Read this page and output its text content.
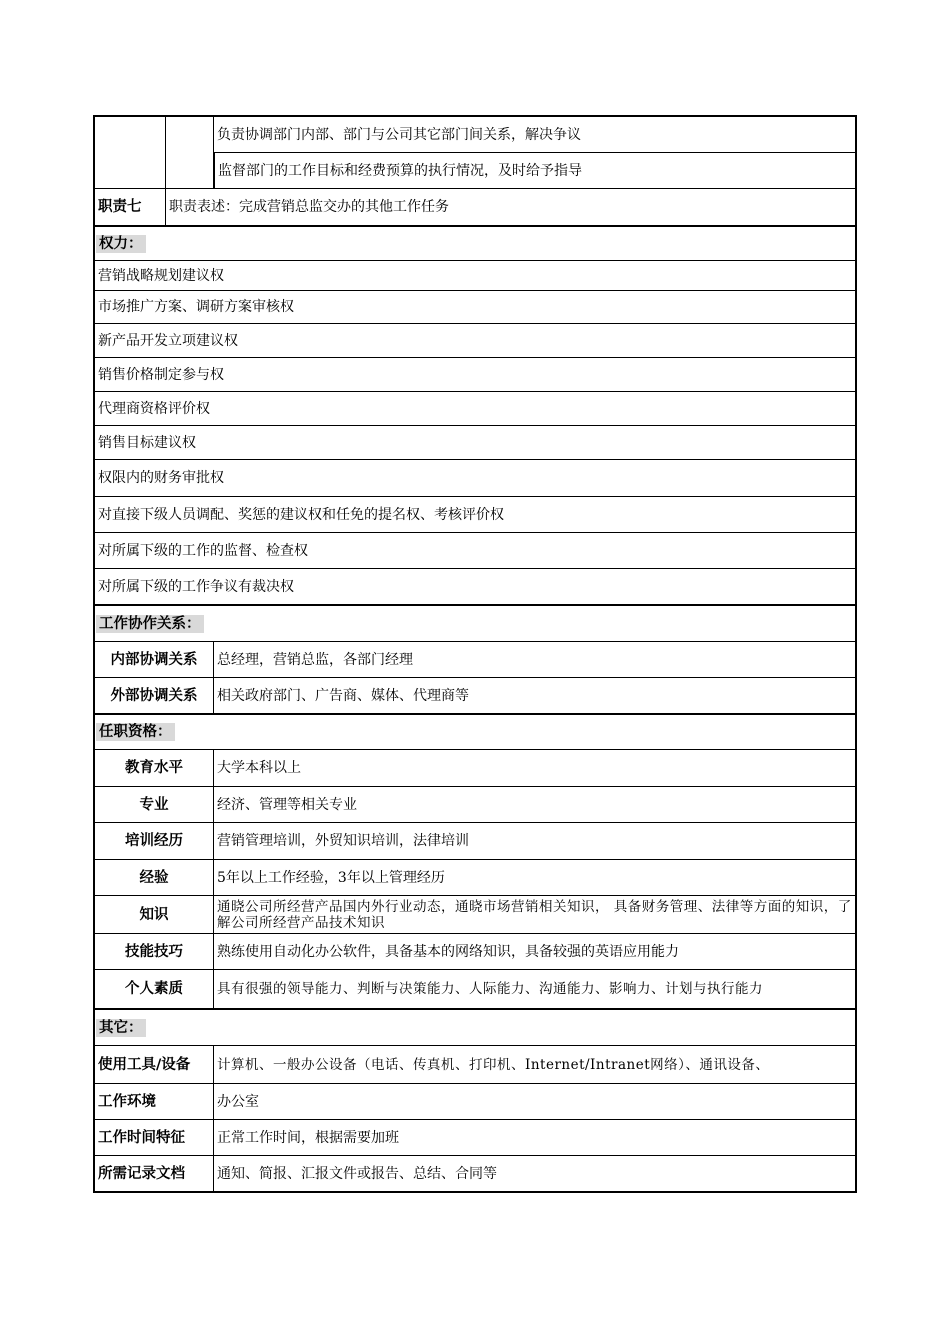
负责协调部门内部、部门与公司其它部门间关系，解决争议
监督部门的工作目标和经费预算的执行情况，及时给予指导
职责七	职责表述：完成营销总监交办的其他工作任务
权力：
营销战略规划建议权
市场推广方案、调研方案审核权
新产品开发立项建议权
销售价格制定参与权
代理商资格评价权
销售目标建议权
权限内的财务审批权
对直接下级人员调配、奖惩的建议权和任免的提名权、考核评价权
对所属下级的工作的监督、检查权
对所属下级的工作争议有裁决权
工作协作关系：
内部协调关系	总经理，营销总监，各部门经理
外部协调关系	相关政府部门、广告商、媒体、代理商等
任职资格：
教育水平	大学本科以上
专业	经济、管理等相关专业
培训经历	营销管理培训，外贸知识培训，法律培训
经验	5年以上工作经验，3年以上管理经历
知识	通晓公司所经营产品国内外行业动态，通晓市场营销相关知识， 具备财务管理、法律等方面的知识，了解公司所经营产品技术知识
技能技巧	熟练使用自动化办公软件，具备基本的网络知识，具备较强的英语应用能力
个人素质	具有很强的领导能力、判断与决策能力、人际能力、沟通能力、影响力、计划与执行能力
其它：
使用工具/设备	计算机、一般办公设备（电话、传真机、打印机、Internet/Intranet网络）、通讯设备、
工作环境	办公室
工作时间特征	正常工作时间，根据需要加班
所需记录文档	通知、简报、汇报文件或报告、总结、合同等
